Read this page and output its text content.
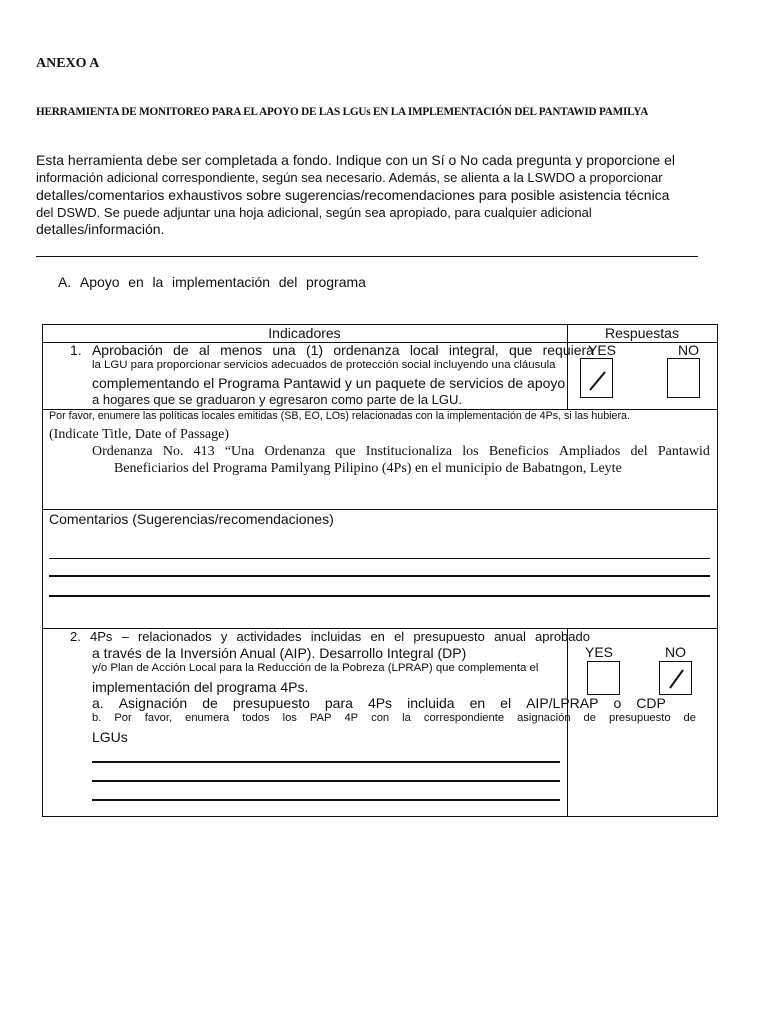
ANEXO A
HERRAMIENTA DE MONITOREO PARA EL APOYO DE LAS LGUs EN LA IMPLEMENTACIÓN DEL PANTAWID PAMILYA
Esta herramienta debe ser completada a fondo. Indique con un Sí o No cada pregunta y proporcione el
información adicional correspondiente, según sea necesario. Además, se alienta a la LSWDO a proporcionar
detalles/comentarios exhaustivos sobre sugerencias/recomendaciones para posible asistencia técnica
del DSWD. Se puede adjuntar una hoja adicional, según sea apropiado, para cualquier adicional
detalles/información.
A. Apoyo en la implementación del programa
Indicadores	Respuestas
1. Aprobación de al menos una (1) ordenanza local integral, que requiera
la LGU para proporcionar servicios adecuados de protección social incluyendo una cláusula
complementando el Programa Pantawid y un paquete de servicios de apoyo
a hogares que se graduaron y egresaron como parte de la LGU.
YES	NO
Por favor, enumere las políticas locales emitidas (SB, EO, LOs) relacionadas con la implementación de 4Ps, si las hubiera.
(Indicate Title, Date of Passage)
Ordenanza No. 413 “Una Ordenanza que Institucionaliza los Beneficios Ampliados del Pantawid
Beneficiarios del Programa Pamilyang Pilipino (4Ps) en el municipio de Babatngon, Leyte
Comentarios (Sugerencias/recomendaciones)
2. 4Ps – relacionados y actividades incluidas en el presupuesto anual aprobado
a través de la Inversión Anual (AIP). Desarrollo Integral (DP)
y/o Plan de Acción Local para la Reducción de la Pobreza (LPRAP) que complementa el
implementación del programa 4Ps.
a. Asignación de presupuesto para 4Ps incluida en el AIP/LPRAP o CDP
b. Por favor, enumera todos los PAP 4P con la correspondiente asignación de presupuesto de
LGUs
YES	NO
